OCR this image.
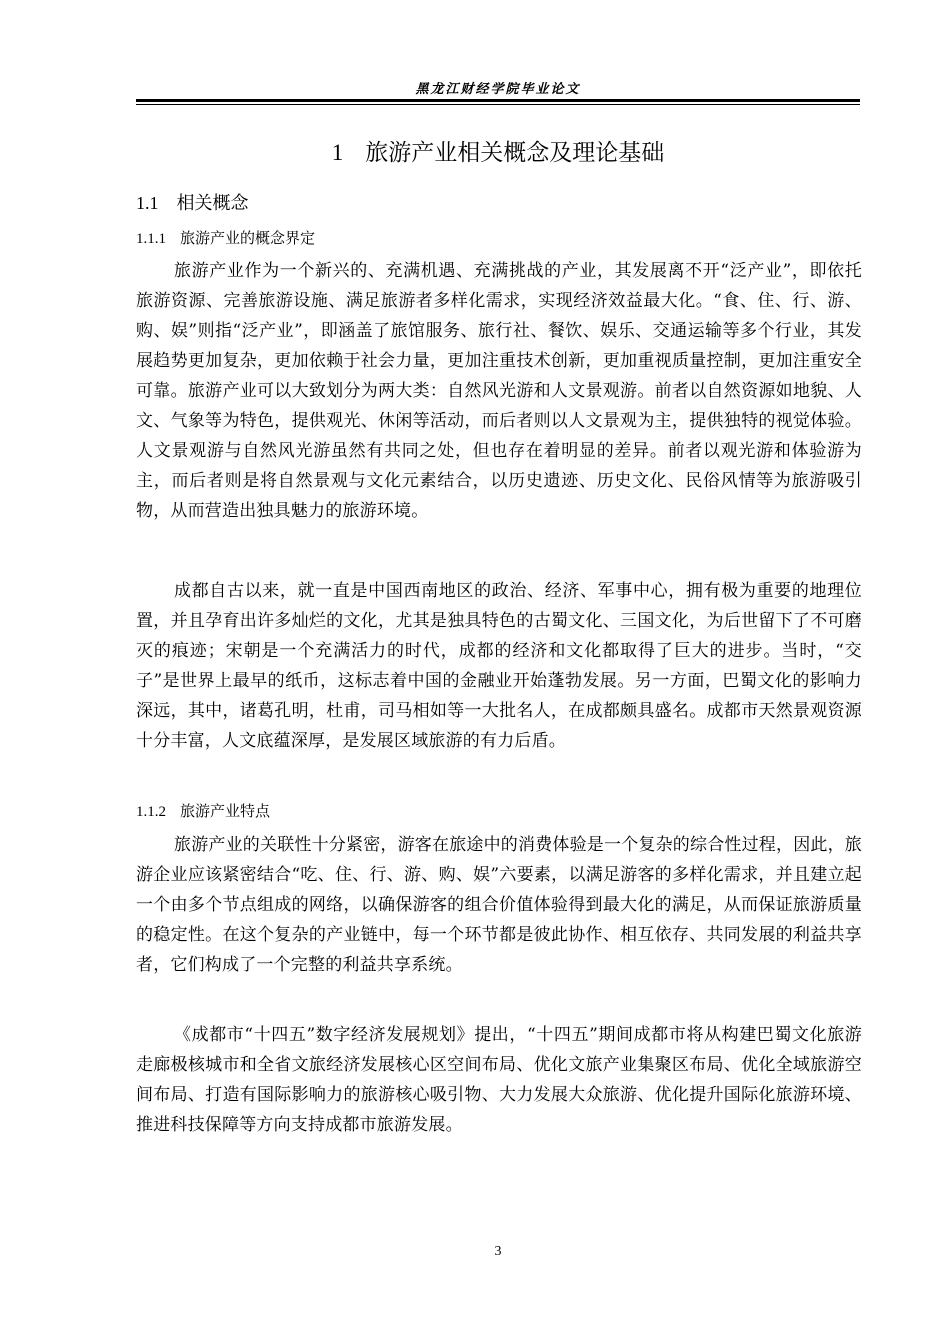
黑龙江财经学院毕业论文
1 旅游产业相关概念及理论基础
1.1 相关概念
1.1.1 旅游产业的概念界定

旅游产业作为一个新兴的、充满机遇、充满挑战的产业，其发展离不开“泛产业”，即依托旅游资源、完善旅游设施、满足旅游者多样化需求，实现经济效益最大化。“食、住、行、游、购、娱”则指“泛产业”，即涵盖了旅馆服务、旅行社、餐饮、娱乐、交通运输等多个行业，其发展趋势更加复杂，更加依赖于社会力量，更加注重技术创新，更加重视质量控制，更加注重安全可靠。旅游产业可以大致划分为两大类：自然风光游和人文景观游。前者以自然资源如地貌、人文、气象等为特色，提供观光、休闲等活动，而后者则以人文景观为主，提供独特的视觉体验。人文景观游与自然风光游虽然有共同之处，但也存在着明显的差异。前者以观光游和体验游为主，而后者则是将自然景观与文化元素结合，以历史遗迹、历史文化、民俗风情等为旅游吸引物，从而营造出独具魅力的旅游环境。

成都自古以来，就一直是中国西南地区的政治、经济、军事中心，拥有极为重要的地理位置，并且孕育出许多灿烂的文化，尤其是独具特色的古蜀文化、三国文化，为后世留下了不可磨灭的痕迹；宋朝是一个充满活力的时代，成都的经济和文化都取得了巨大的进步。当时，“交子”是世界上最早的纸币，这标志着中国的金融业开始蓬勃发展。另一方面，巴蜀文化的影响力深远，其中，诸葛孔明，杜甫，司马相如等一大批名人，在成都颇具盛名。成都市天然景观资源十分丰富，人文底蕴深厚，是发展区域旅游的有力后盾。

1.1.2 旅游产业特点

旅游产业的关联性十分紧密，游客在旅途中的消费体验是一个复杂的综合性过程，因此，旅游企业应该紧密结合“吃、住、行、游、购、娱”六要素，以满足游客的多样化需求，并且建立起一个由多个节点组成的网络，以确保游客的组合价值体验得到最大化的满足，从而保证旅游质量的稳定性。在这个复杂的产业链中，每一个环节都是彼此协作、相互依存、共同发展的利益共享者，它们构成了一个完整的利益共享系统。

《成都市“十四五”数字经济发展规划》提出，“十四五”期间成都市将从构建巴蜀文化旅游走廊极核城市和全省文旅经济发展核心区空间布局、优化文旅产业集聚区布局、优化全域旅游空间布局、打造有国际影响力的旅游核心吸引物、大力发展大众旅游、优化提升国际化旅游环境、推进科技保障等方向支持成都市旅游发展。

3
